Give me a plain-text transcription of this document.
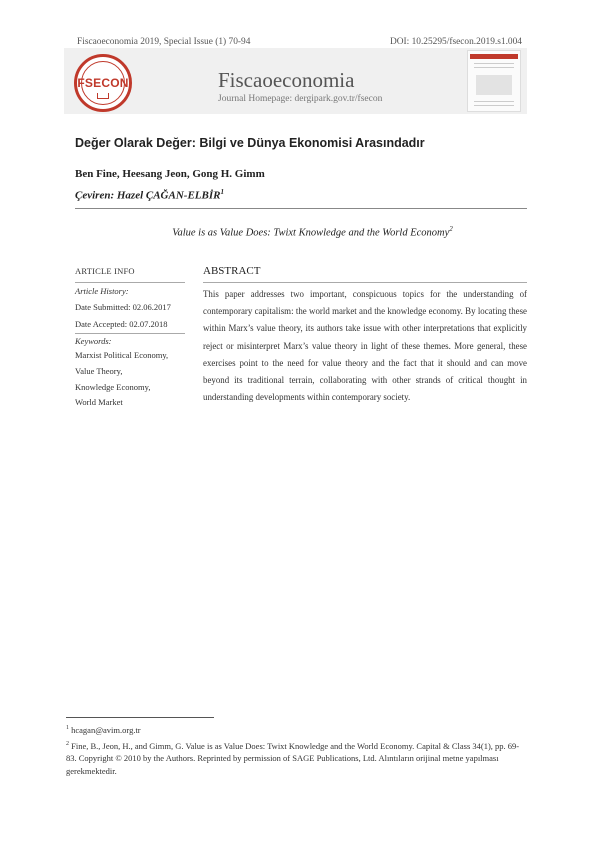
Fiscaoeconomia 2019, Special Issue (1) 70-94	DOI: 10.25295/fsecon.2019.s1.004
FSECON	Fiscaoeconomia
Journal Homepage: dergipark.gov.tr/fsecon
Değer Olarak Değer: Bilgi ve Dünya Ekonomisi Arasındadır
Ben Fine, Heesang Jeon, Gong H. Gimm
Çeviren: Hazel ÇAĞAN-ELBİR$^1$
Value is as Value Does: Twixt Knowledge and the World Economy$^2$
ARTICLE INFO
Article History:
Date Submitted: 02.06.2017
Date Accepted: 02.07.2018
Keywords:
Marxist Political Economy,
Value Theory,
Knowledge Economy,
World Market
ABSTRACT
This paper addresses two important, conspicuous topics for the understanding of contemporary capitalism: the world market and the knowledge economy. By locating these within Marx’s value theory, its authors take issue with other interpretations that explicitly reject or misinterpret Marx’s value theory in light of these themes. More general, these exercises point to the need for value theory and the fact that it should and can move beyond its traditional terrain, collaborating with other strands of critical thought in understanding developments within contemporary society.
$^1$ hcagan@avim.org.tr
$^2$ Fine, B., Jeon, H., and Gimm, G. Value is as Value Does: Twixt Knowledge and the World Economy. Capital & Class 34(1), pp. 69-83. Copyright © 2010 by the Authors. Reprinted by permission of SAGE Publications, Ltd. Alıntıların orijinal metne yapılması gerekmektedir.
